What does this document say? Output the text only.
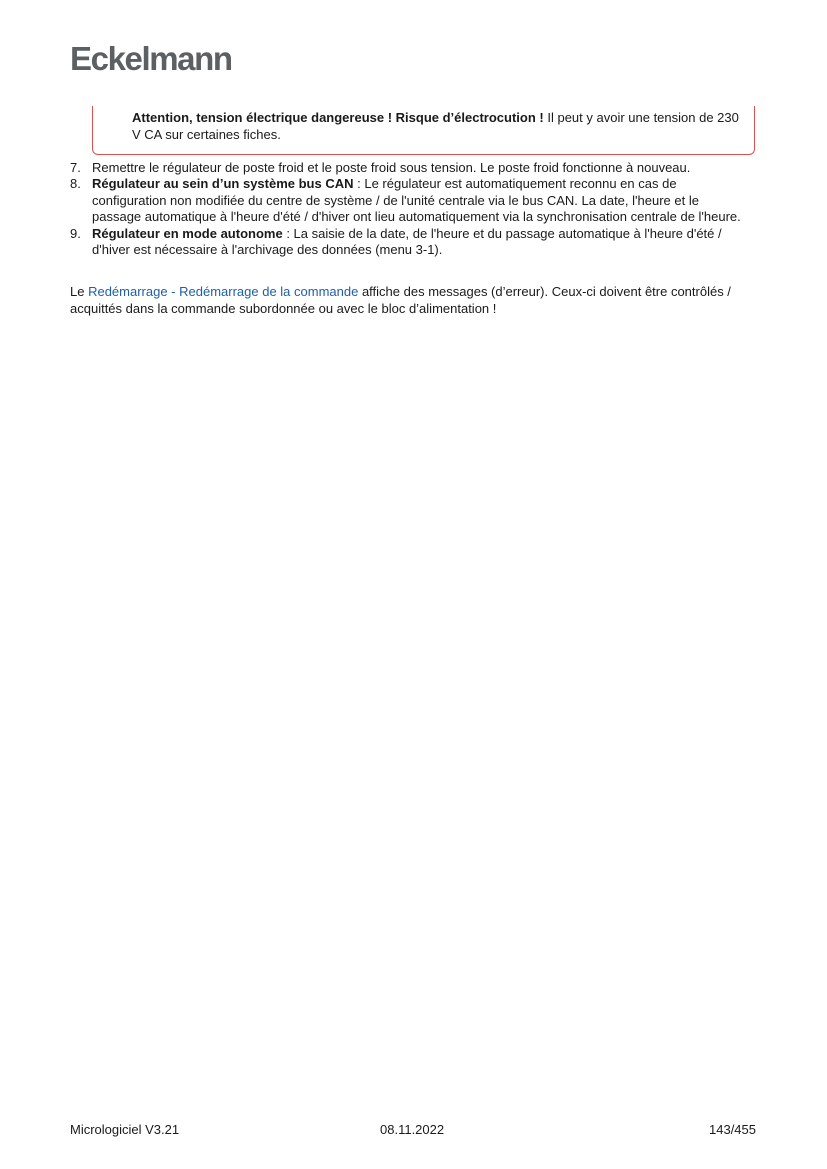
Eckelmann
Attention, tension électrique dangereuse ! Risque d’électrocution ! Il peut y avoir une tension de 230 V CA sur certaines fiches.
7. Remettre le régulateur de poste froid et le poste froid sous tension. Le poste froid fonctionne à nouveau.
8. Régulateur au sein d’un système bus CAN : Le régulateur est automatiquement reconnu en cas de configuration non modifiée du centre de système / de l'unité centrale via le bus CAN. La date, l'heure et le passage automatique à l'heure d'été / d'hiver ont lieu automatiquement via la synchronisation centrale de l'heure.
9. Régulateur en mode autonome : La saisie de la date, de l'heure et du passage automatique à l'heure d'été / d'hiver est nécessaire à l'archivage des données (menu 3-1).

Le Redémarrage - Redémarrage de la commande affiche des messages (d’erreur). Ceux-ci doivent être contrôlés / acquittés dans la commande subordonnée ou avec le bloc d’alimentation !

Micrologiciel V3.21	08.11.2022	143/455
